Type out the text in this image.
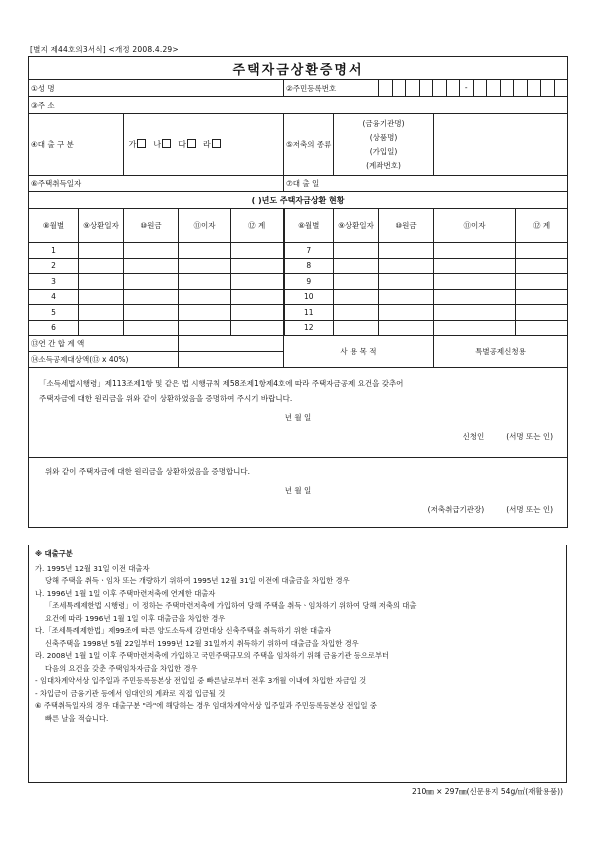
[별지 제44호의3서식] <개정 2008.4.29>
주택자금상환증명서									
①성 명					②주민등록번호		-		

③주 소									
④대 출 구 분		가 나 다 라			⑤저축의 종류	(금융기관명)
(상품명)
(가입일)
(계좌번호)			

⑥주택취득일자					⑦대 출 일				
( )년도 주택자금상환 현황									
⑧월별	⑨상환일자	⑩원금	⑪이자	⑫ 계	⑧월별	⑨상환일자	⑩원금	⑪이자	⑫ 계
1					7				
2					8				
3					9				
4					10				
5					11				
6					12				
⑬연 간 합 계 액					사 용 목 적			특별공제신청용	
⑭소득공제대상액(⑬ x 40%)									

「소득세법시행령」제113조제1항 및 같은 법 시행규칙 제58조제1항제4호에 따라 주택자금공제 요건을 갖추어
주택자금에 대한 원리금을 위와 같이 상환하였음을 증명하여 주시기 바랍니다.
년 월 일
신청인 (서명 또는 인)									

위와 같이 주택자금에 대한 원리금을 상환하였음을 증명합니다.
년 월 일
(저축취급기관장) (서명 또는 인)									
※ 대출구분
가. 1995년 12월 31일 이전 대출자
당해 주택을 취득ㆍ임차 또는 개량하기 위하여 1995년 12월 31일 이전에 대출금을 차입한 경우
나. 1996년 1월 1일 이후 주택마련저축에 연계한 대출자
「조세특례제한법 시행령」이 정하는 주택마련저축에 가입하여 당해 주택을 취득ㆍ임차하기 위하여 당해 저축의 대출
요건에 따라 1996년 1월 1일 이후 대출금을 차입한 경우
다.「조세특례제한법」제99조에 따른 양도소득세 감면대상 신축주택을 취득하기 위한 대출자
신축주택을 1998년 5월 22일부터 1999년 12월 31일까지 취득하기 위하여 대출금을 차입한 경우
라. 2008년 1월 1일 이후 주택마련저축에 가입하고 국민주택규모의 주택을 임차하기 위해 금융기관 등으로부터
다음의 요건을 갖춘 주택임차자금을 차입한 경우
- 임대차계약서상 입주일과 주민등록등본상 전입일 중 빠른날로부터 전후 3개월 이내에 차입한 자금일 것
- 차입금이 금융기관 등에서 임대인의 계좌로 직접 입금될 것
⑥ 주택취득일자의 경우 대출구분 "라"에 해당하는 경우 임대차계약서상 입주일과 주민등록등본상 전입일 중
빠른 날을 적습니다.
210㎜ × 297㎜(신문용지 54g/㎡(재활용품))
